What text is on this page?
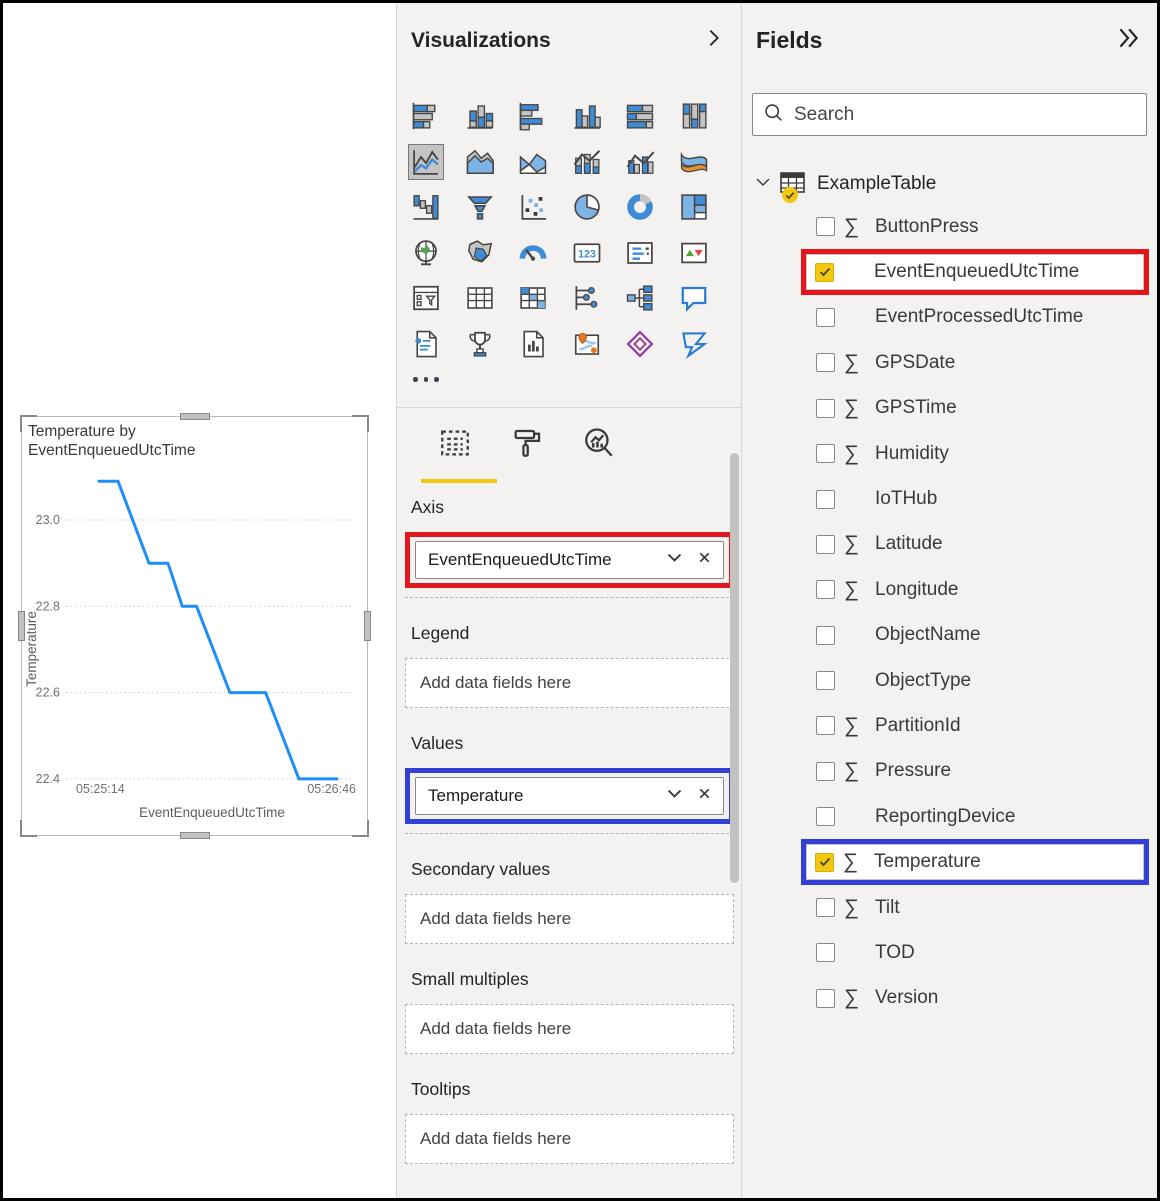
Temperature by EventEnqueuedUtcTime
23.0
22.8
22.6
22.4
05:25:14	05:26:46
EventEnqueuedUtcTime
Temperature
Visualizations
123
Axis
EventEnqueuedUtcTime
Legend
Add data fields here
Values
Temperature
Secondary values
Add data fields here
Small multiples
Add data fields here
Tooltips
Add data fields here
Fields
Search
ExampleTable
∑ ButtonPress
EventEnqueuedUtcTime
EventProcessedUtcTime
∑ GPSDate
∑ GPSTime
∑ Humidity
IoTHub
∑ Latitude
∑ Longitude
ObjectName
ObjectType
∑ PartitionId
∑ Pressure
ReportingDevice
∑ Temperature
∑ Tilt
TOD
∑ Version
